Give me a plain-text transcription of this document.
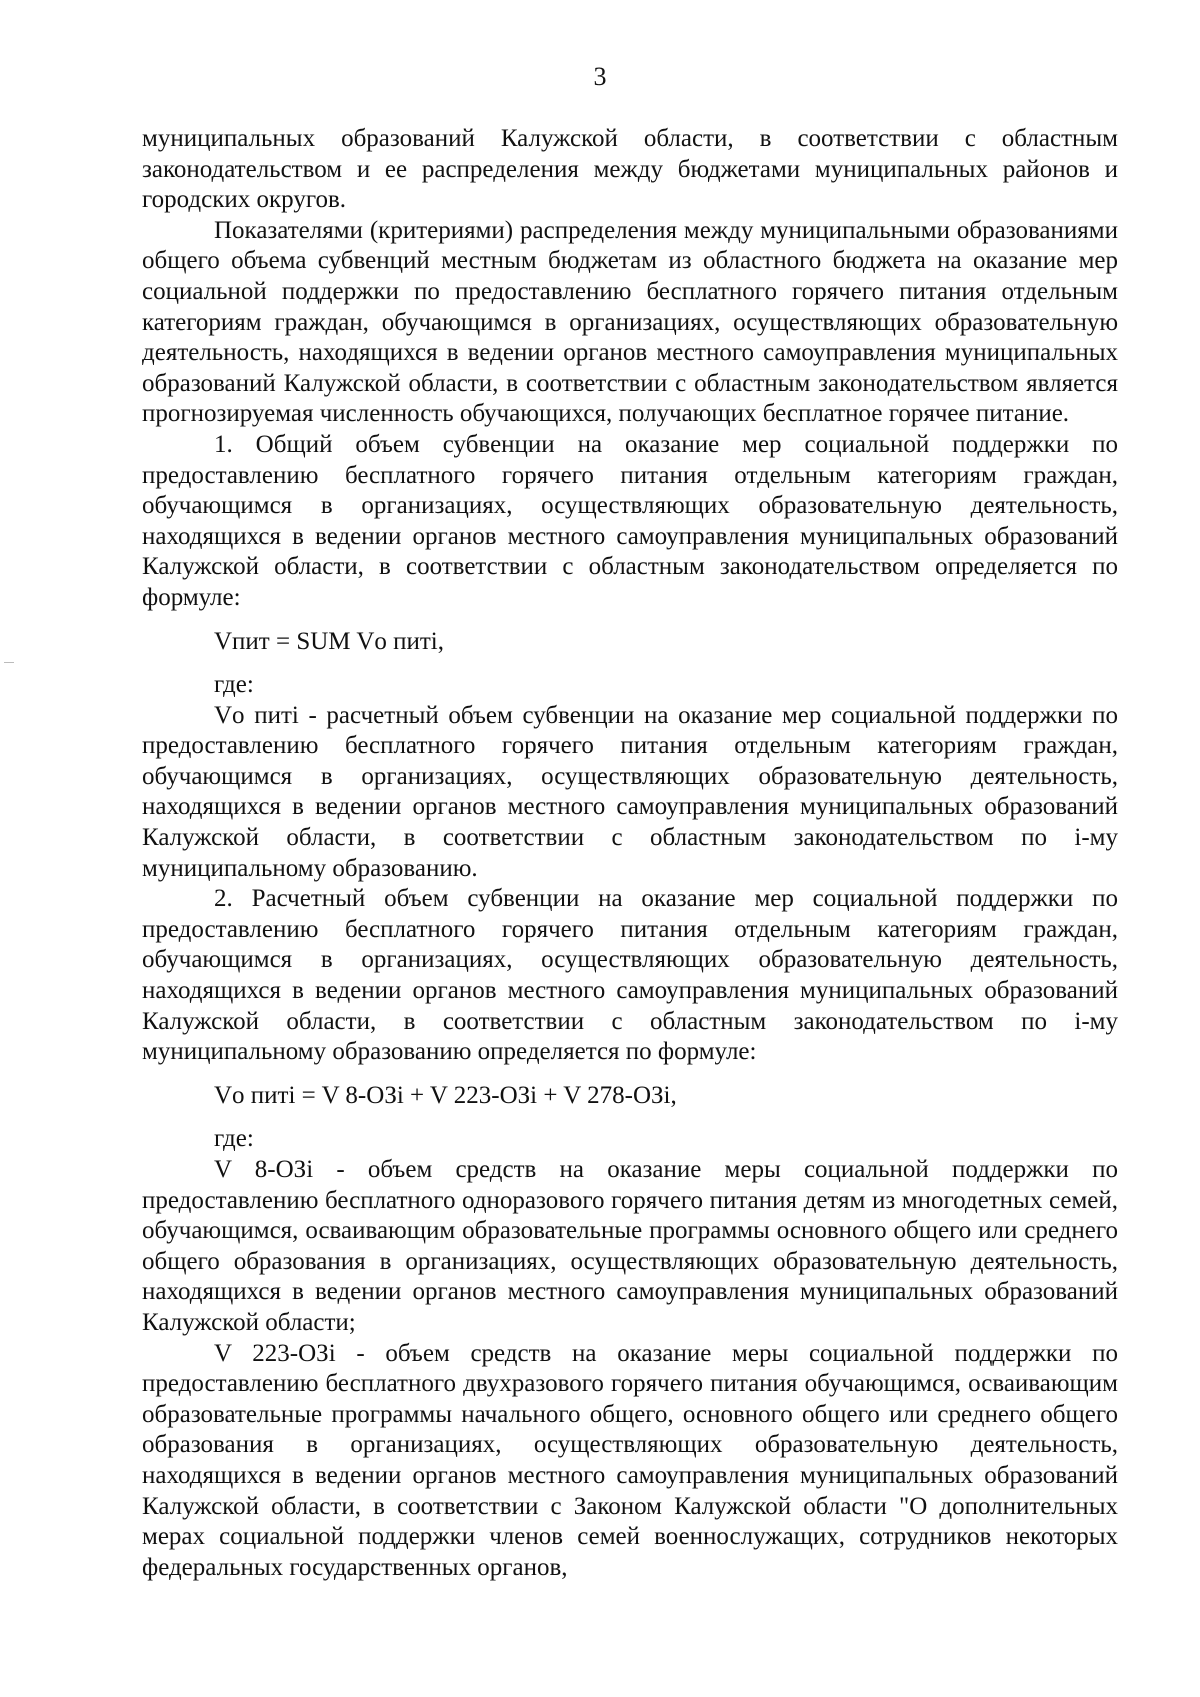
3

муниципальных образований Калужской области, в соответствии с областным законодательством и ее распределения между бюджетами муниципальных районов и городских округов.

Показателями (критериями) распределения между муниципальными образованиями общего объема субвенций местным бюджетам из областного бюджета на оказание мер социальной поддержки по предоставлению бесплатного горячего питания отдельным категориям граждан, обучающимся в организациях, осуществляющих образовательную деятельность, находящихся в ведении органов местного самоуправления муниципальных образований Калужской области, в соответствии с областным законодательством является прогнозируемая численность обучающихся, получающих бесплатное горячее питание.

1. Общий объем субвенции на оказание мер социальной поддержки по предоставлению бесплатного горячего питания отдельным категориям граждан, обучающимся в организациях, осуществляющих образовательную деятельность, находящихся в ведении органов местного самоуправления муниципальных образований Калужской области, в соответствии с областным законодательством определяется по формуле:

Vпит = SUM Vо питi,

где:

Vо питi - расчетный объем субвенции на оказание мер социальной поддержки по предоставлению бесплатного горячего питания отдельным категориям граждан, обучающимся в организациях, осуществляющих образовательную деятельность, находящихся в ведении органов местного самоуправления муниципальных образований Калужской области, в соответствии с областным законодательством по i-му муниципальному образованию.

2. Расчетный объем субвенции на оказание мер социальной поддержки по предоставлению бесплатного горячего питания отдельным категориям граждан, обучающимся в организациях, осуществляющих образовательную деятельность, находящихся в ведении органов местного самоуправления муниципальных образований Калужской области, в соответствии с областным законодательством по i-му муниципальному образованию определяется по формуле:

Vо питi = V 8-ОЗi + V 223-ОЗi + V 278-ОЗi,

где:

V 8-ОЗi - объем средств на оказание меры социальной поддержки по предоставлению бесплатного одноразового горячего питания детям из многодетных семей, обучающимся, осваивающим образовательные программы основного общего или среднего общего образования в организациях, осуществляющих образовательную деятельность, находящихся в ведении органов местного самоуправления муниципальных образований Калужской области;

V 223-ОЗi - объем средств на оказание меры социальной поддержки по предоставлению бесплатного двухразового горячего питания обучающимся, осваивающим образовательные программы начального общего, основного общего или среднего общего образования в организациях, осуществляющих образовательную деятельность, находящихся в ведении органов местного самоуправления муниципальных образований Калужской области, в соответствии с Законом Калужской области "О дополнительных мерах социальной поддержки членов семей военнослужащих, сотрудников некоторых федеральных государственных органов,
